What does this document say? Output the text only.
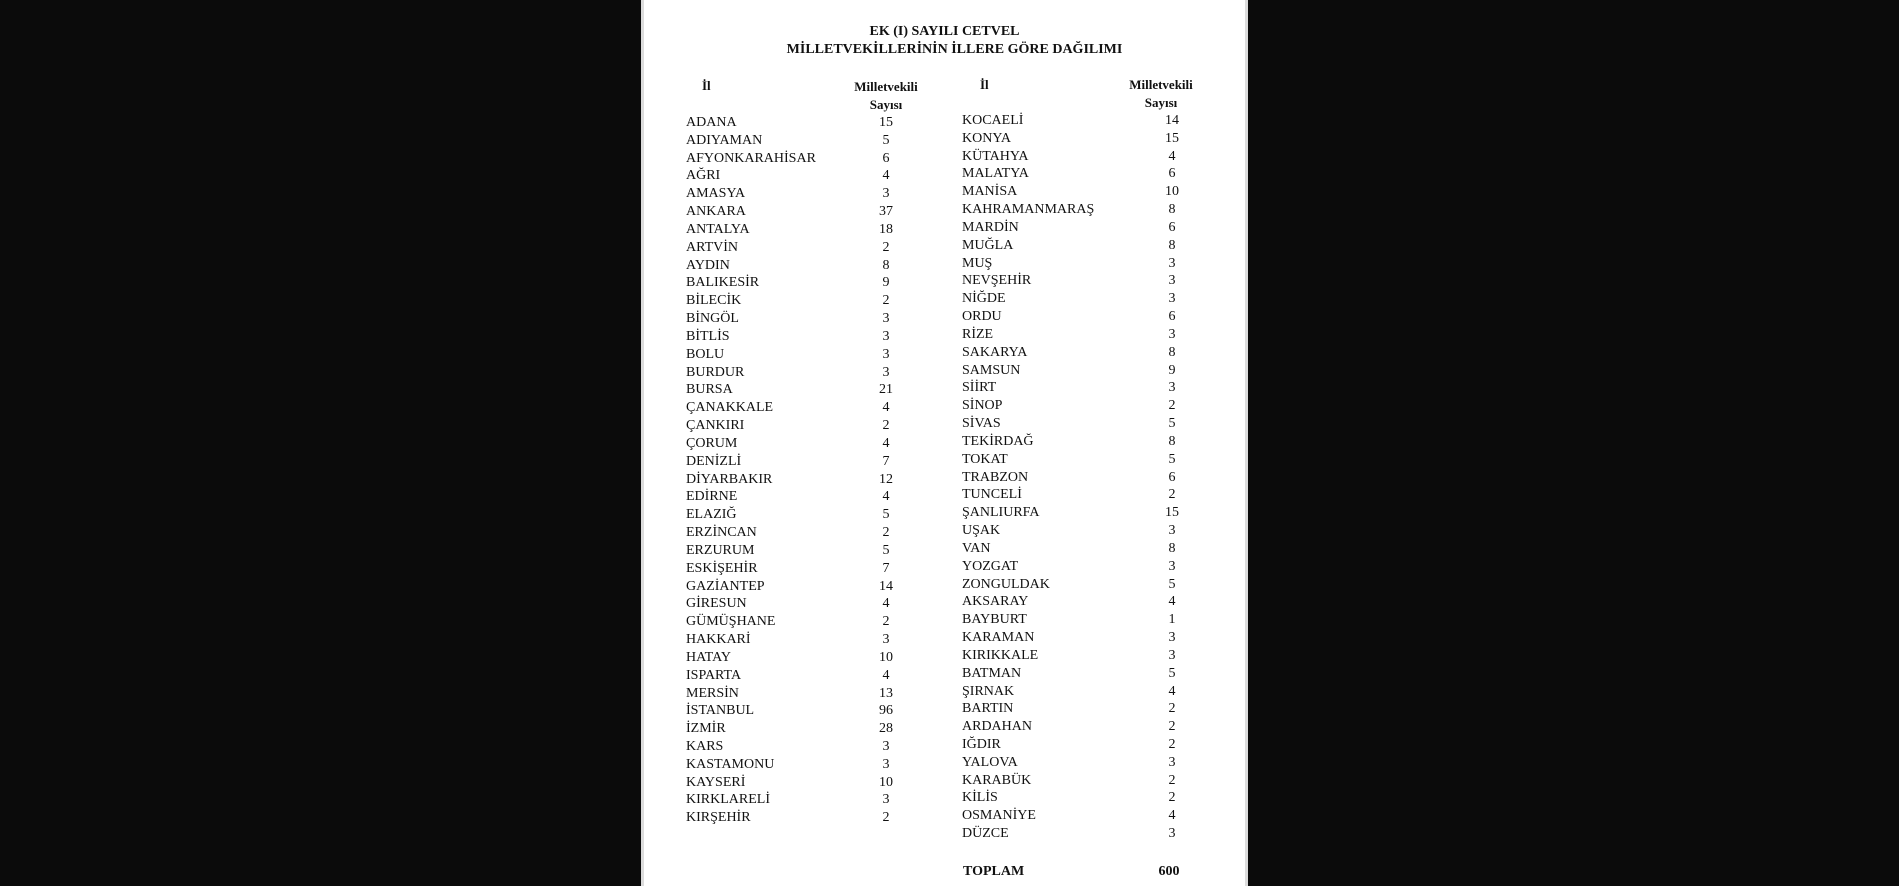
EK (I) SAYILI CETVEL
MİLLETVEKİLLERİNİN İLLERE GÖRE DAĞILIMI
İl	Milletvekili
Sayısı
İl	Milletvekili
Sayısı
ADANA	15
ADIYAMAN	5
AFYONKARAHİSAR	6
AĞRI	4
AMASYA	3
ANKARA	37
ANTALYA	18
ARTVİN	2
AYDIN	8
BALIKESİR	9
BİLECİK	2
BİNGÖL	3
BİTLİS	3
BOLU	3
BURDUR	3
BURSA	21
ÇANAKKALE	4
ÇANKIRI	2
ÇORUM	4
DENİZLİ	7
DİYARBAKIR	12
EDİRNE	4
ELAZIĞ	5
ERZİNCAN	2
ERZURUM	5
ESKİŞEHİR	7
GAZİANTEP	14
GİRESUN	4
GÜMÜŞHANE	2
HAKKARİ	3
HATAY	10
ISPARTA	4
MERSİN	13
İSTANBUL	96
İZMİR	28
KARS	3
KASTAMONU	3
KAYSERİ	10
KIRKLARELİ	3
KIRŞEHİR	2
KOCAELİ	14
KONYA	15
KÜTAHYA	4
MALATYA	6
MANİSA	10
KAHRAMANMARAŞ	8
MARDİN	6
MUĞLA	8
MUŞ	3
NEVŞEHİR	3
NİĞDE	3
ORDU	6
RİZE	3
SAKARYA	8
SAMSUN	9
SİİRT	3
SİNOP	2
SİVAS	5
TEKİRDAĞ	8
TOKAT	5
TRABZON	6
TUNCELİ	2
ŞANLIURFA	15
UŞAK	3
VAN	8
YOZGAT	3
ZONGULDAK	5
AKSARAY	4
BAYBURT	1
KARAMAN	3
KIRIKKALE	3
BATMAN	5
ŞIRNAK	4
BARTIN	2
ARDAHAN	2
IĞDIR	2
YALOVA	3
KARABÜK	2
KİLİS	2
OSMANİYE	4
DÜZCE	3
TOPLAM	600
